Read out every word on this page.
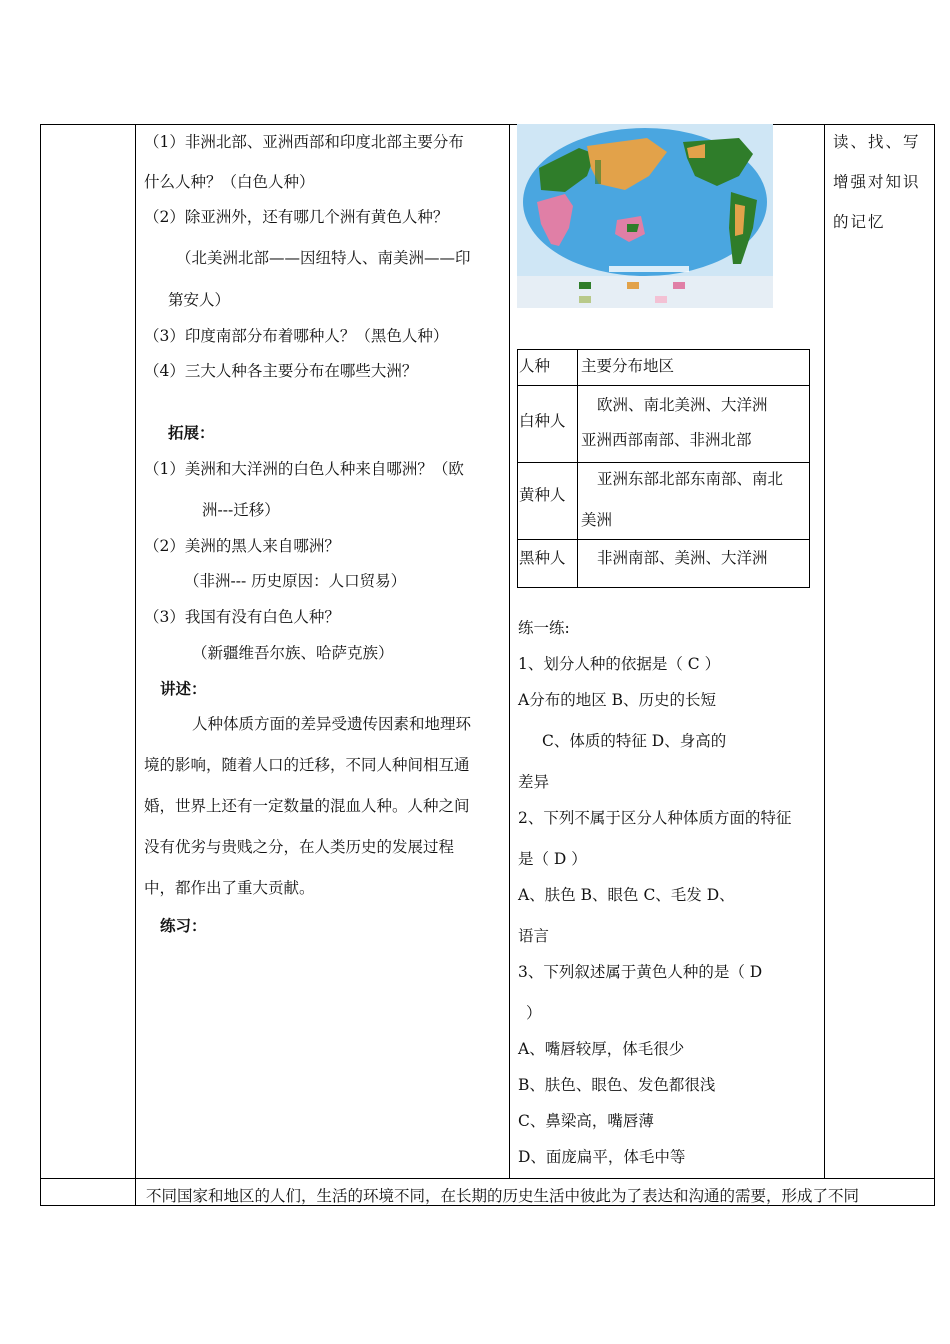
（1）非洲北部、亚洲西部和印度北部主要分布
什么人种？（白色人种）
（2）除亚洲外，还有哪几个洲有黄色人种？
（北美洲北部——因纽特人、南美洲——印
第安人）
（3）印度南部分布着哪种人？（黑色人种）
（4）三大人种各主要分布在哪些大洲？
拓展：
（1）美洲和大洋洲的白色人种来自哪洲？（欧
洲---迁移）
（2）美洲的黑人来自哪洲？
（非洲--- 历史原因：人口贸易）
（3）我国有没有白色人种？
（新疆维吾尔族、哈萨克族）
讲述：
人种体质方面的差异受遗传因素和地理环
境的影响，随着人口的迁移，不同人种间相互通
婚，世界上还有一定数量的混血人种。人种之间
没有优劣与贵贱之分，在人类历史的发展过程
中，都作出了重大贡献。
练习：
人种 主要分布地区
白种人
欧洲、南北美洲、大洋洲
亚洲西部南部、非洲北部
黄种人
亚洲东部北部东南部、南北
美洲
黑种人 非洲南部、美洲、大洋洲
练一练:
1、划分人种的依据是（ C ）
A分布的地区 B、历史的长短
C、体质的特征 D、身高的
差异
2、下列不属于区分人种体质方面的特征
是（ D ）
A、肤色 B、眼色 C、毛发 D、
语言
3、下列叙述属于黄色人种的是（ D
）
A、嘴唇较厚，体毛很少
B、肤色、眼色、发色都很浅
C、鼻梁高，嘴唇薄
D、面庞扁平，体毛中等
读、找、写
增强对知识
的记忆
不同国家和地区的人们，生活的环境不同，在长期的历史生活中彼此为了表达和沟通的需要，形成了不同
